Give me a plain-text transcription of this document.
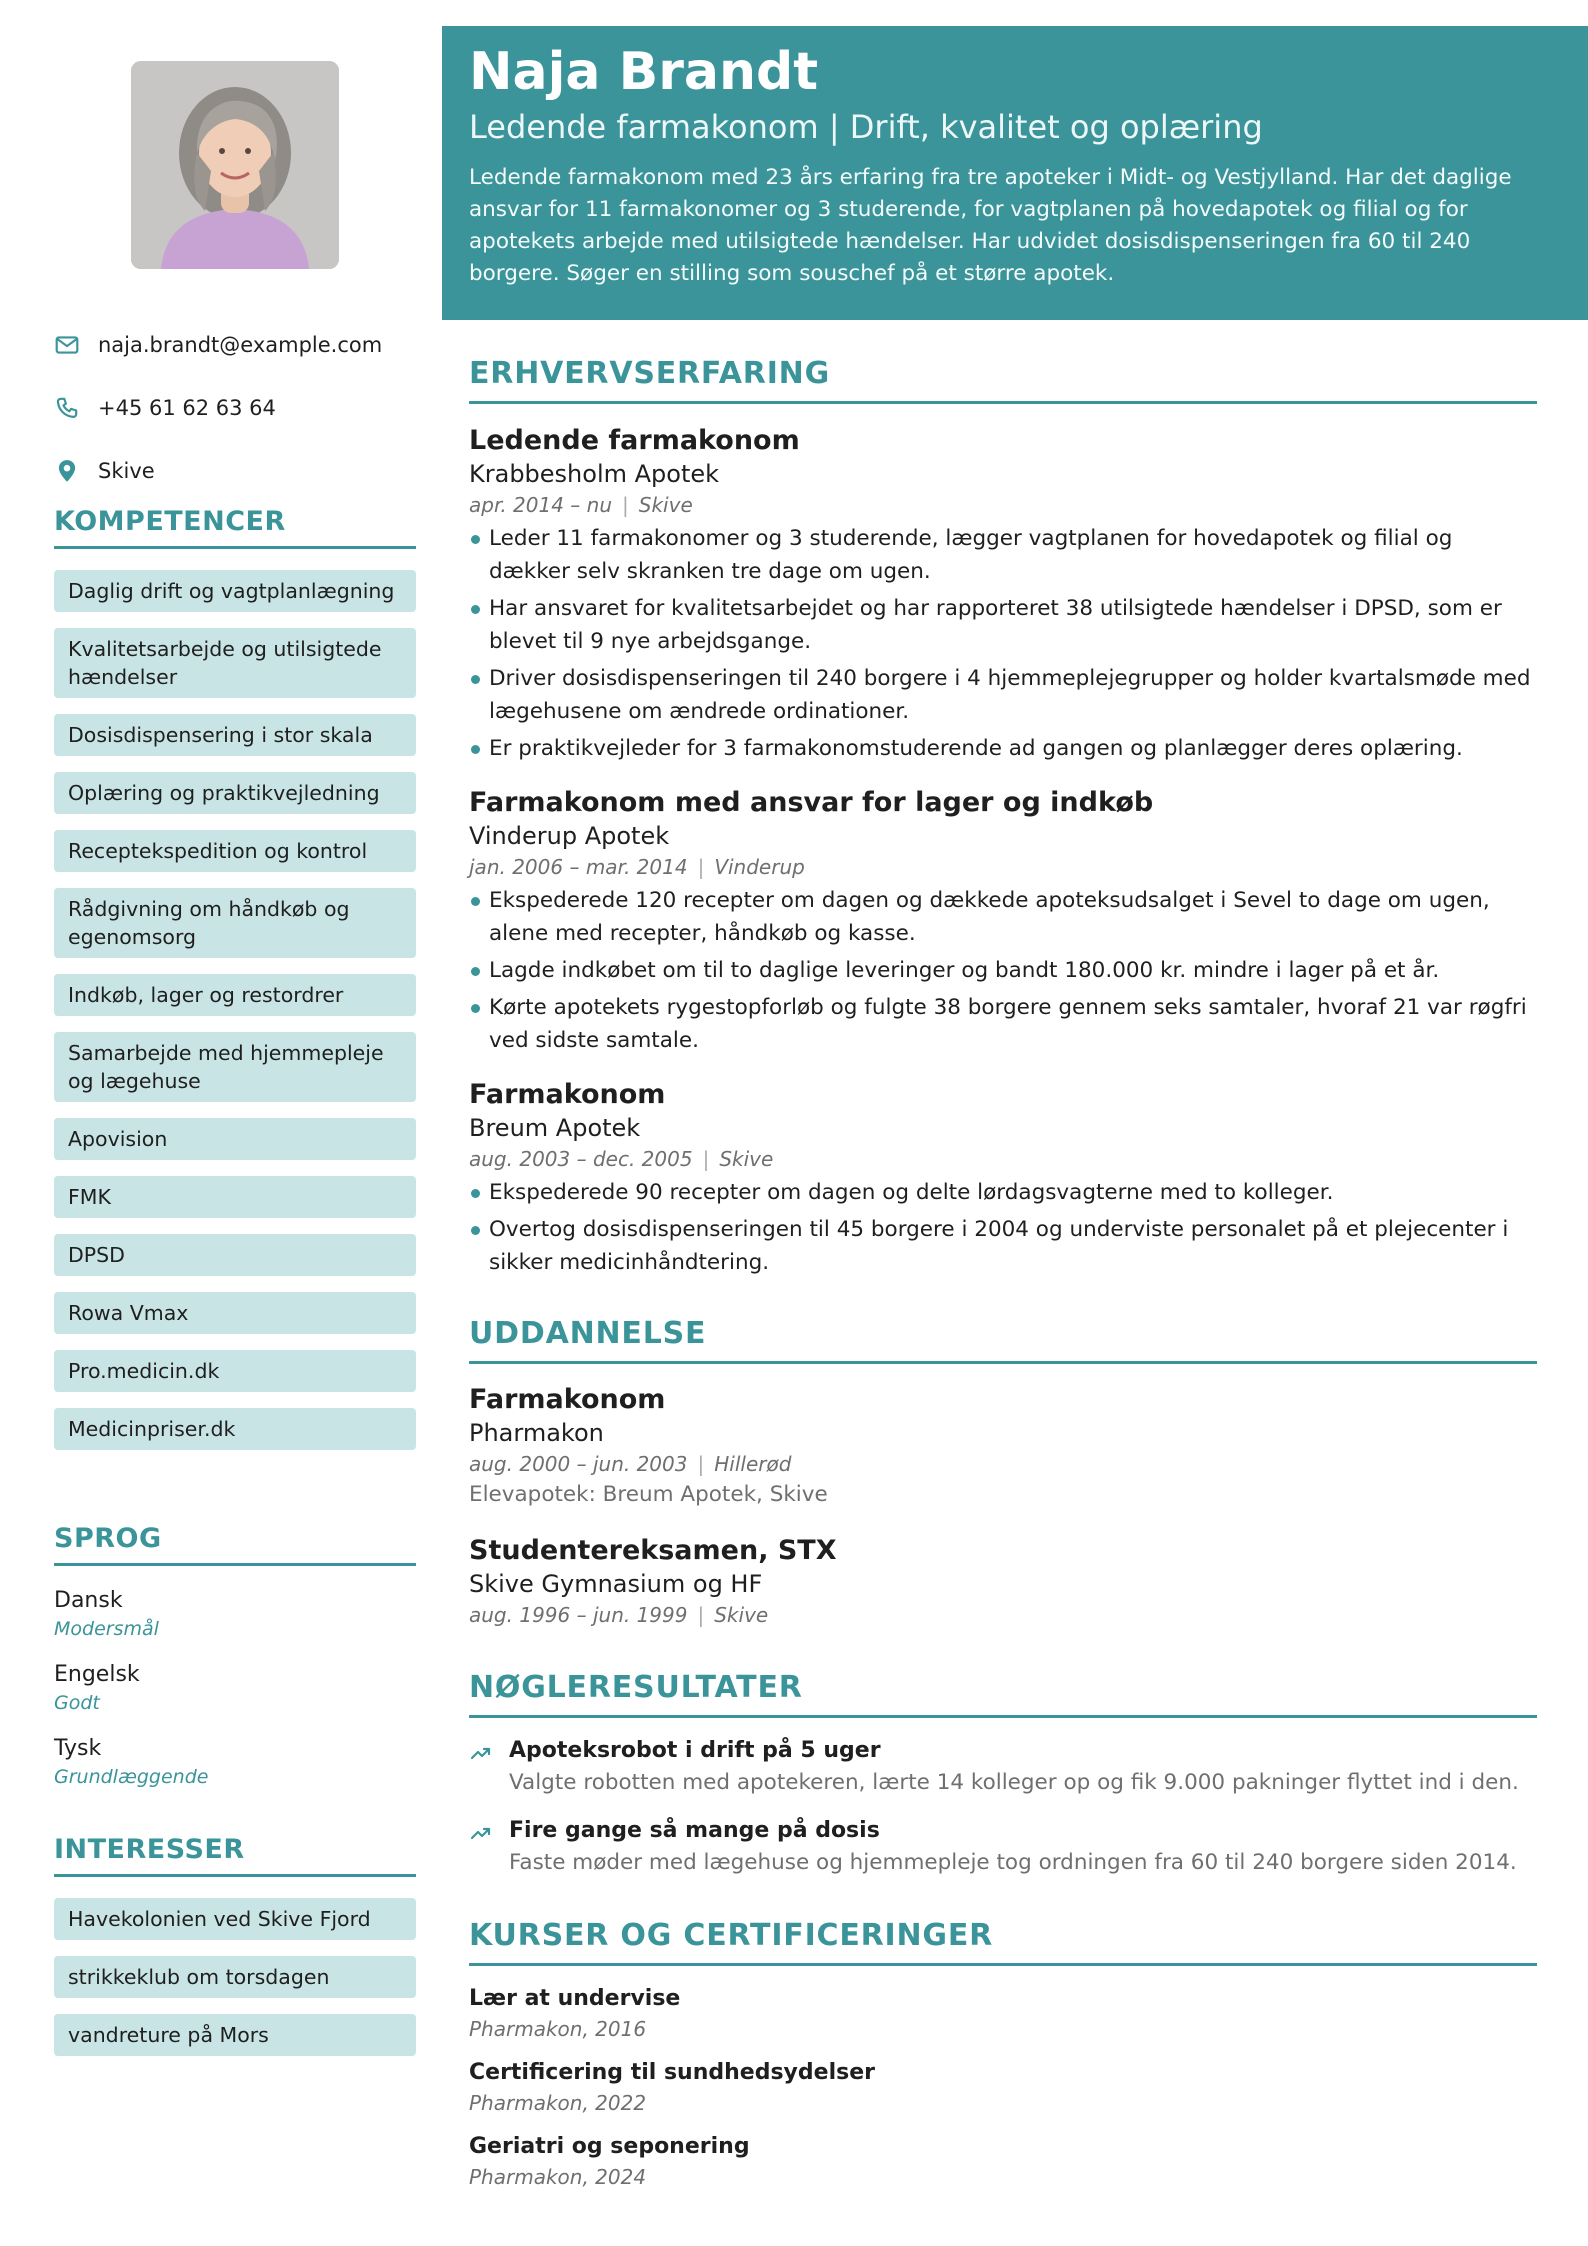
naja.brandt@example.com
+45 61 62 63 64
Skive
KOMPETENCER
Daglig drift og vagtplanlægning
Kvalitetsarbejde og utilsigtede hændelser
Dosisdispensering i stor skala
Oplæring og praktikvejledning
Receptekspedition og kontrol
Rådgivning om håndkøb og egenomsorg
Indkøb, lager og restordrer
Samarbejde med hjemmepleje og lægehuse
Apovision
FMK
DPSD
Rowa Vmax
Pro.medicin.dk
Medicinpriser.dk
SPROG
Dansk
Modersmål
Engelsk
Godt
Tysk
Grundlæggende
INTERESSER
Havekolonien ved Skive Fjord
strikkeklub om torsdagen
vandreture på Mors
Naja Brandt
Ledende farmakonom | Drift, kvalitet og oplæring

Ledende farmakonom med 23 års erfaring fra tre apoteker i Midt- og Vestjylland. Har det daglige ansvar for 11 farmakonomer og 3 studerende, for vagtplanen på hovedapotek og filial og for apotekets arbejde med utilsigtede hændelser. Har udvidet dosisdispenseringen fra 60 til 240 borgere. Søger en stilling som souschef på et større apotek.

ERHVERVSERFARING
Ledende farmakonom
Krabbesholm Apotek
apr. 2014 – nu | Skive
Leder 11 farmakonomer og 3 studerende, lægger vagtplanen for hovedapotek og filial og dækker selv skranken tre dage om ugen.
Har ansvaret for kvalitetsarbejdet og har rapporteret 38 utilsigtede hændelser i DPSD, som er blevet til 9 nye arbejdsgange.
Driver dosisdispenseringen til 240 borgere i 4 hjemmeplejegrupper og holder kvartalsmøde med lægehusene om ændrede ordinationer.
Er praktikvejleder for 3 farmakonomstuderende ad gangen og planlægger deres oplæring.
Farmakonom med ansvar for lager og indkøb
Vinderup Apotek
jan. 2006 – mar. 2014 | Vinderup
Ekspederede 120 recepter om dagen og dækkede apoteksudsalget i Sevel to dage om ugen, alene med recepter, håndkøb og kasse.
Lagde indkøbet om til to daglige leveringer og bandt 180.000 kr. mindre i lager på et år.
Kørte apotekets rygestopforløb og fulgte 38 borgere gennem seks samtaler, hvoraf 21 var røgfri ved sidste samtale.
Farmakonom
Breum Apotek
aug. 2003 – dec. 2005 | Skive
Ekspederede 90 recepter om dagen og delte lørdagsvagterne med to kolleger.
Overtog dosisdispenseringen til 45 borgere i 2004 og underviste personalet på et plejecenter i sikker medicinhåndtering.
UDDANNELSE
Farmakonom
Pharmakon
aug. 2000 – jun. 2003 | Hillerød
Elevapotek: Breum Apotek, Skive
Studentereksamen, STX
Skive Gymnasium og HF
aug. 1996 – jun. 1999 | Skive
NØGLERESULTATER
Apoteksrobot i drift på 5 uger
Valgte robotten med apotekeren, lærte 14 kolleger op og fik 9.000 pakninger flyttet ind i den.
Fire gange så mange på dosis
Faste møder med lægehuse og hjemmepleje tog ordningen fra 60 til 240 borgere siden 2014.
KURSER OG CERTIFICERINGER
Lær at undervise
Pharmakon, 2016
Certificering til sundhedsydelser
Pharmakon, 2022
Geriatri og seponering
Pharmakon, 2024
